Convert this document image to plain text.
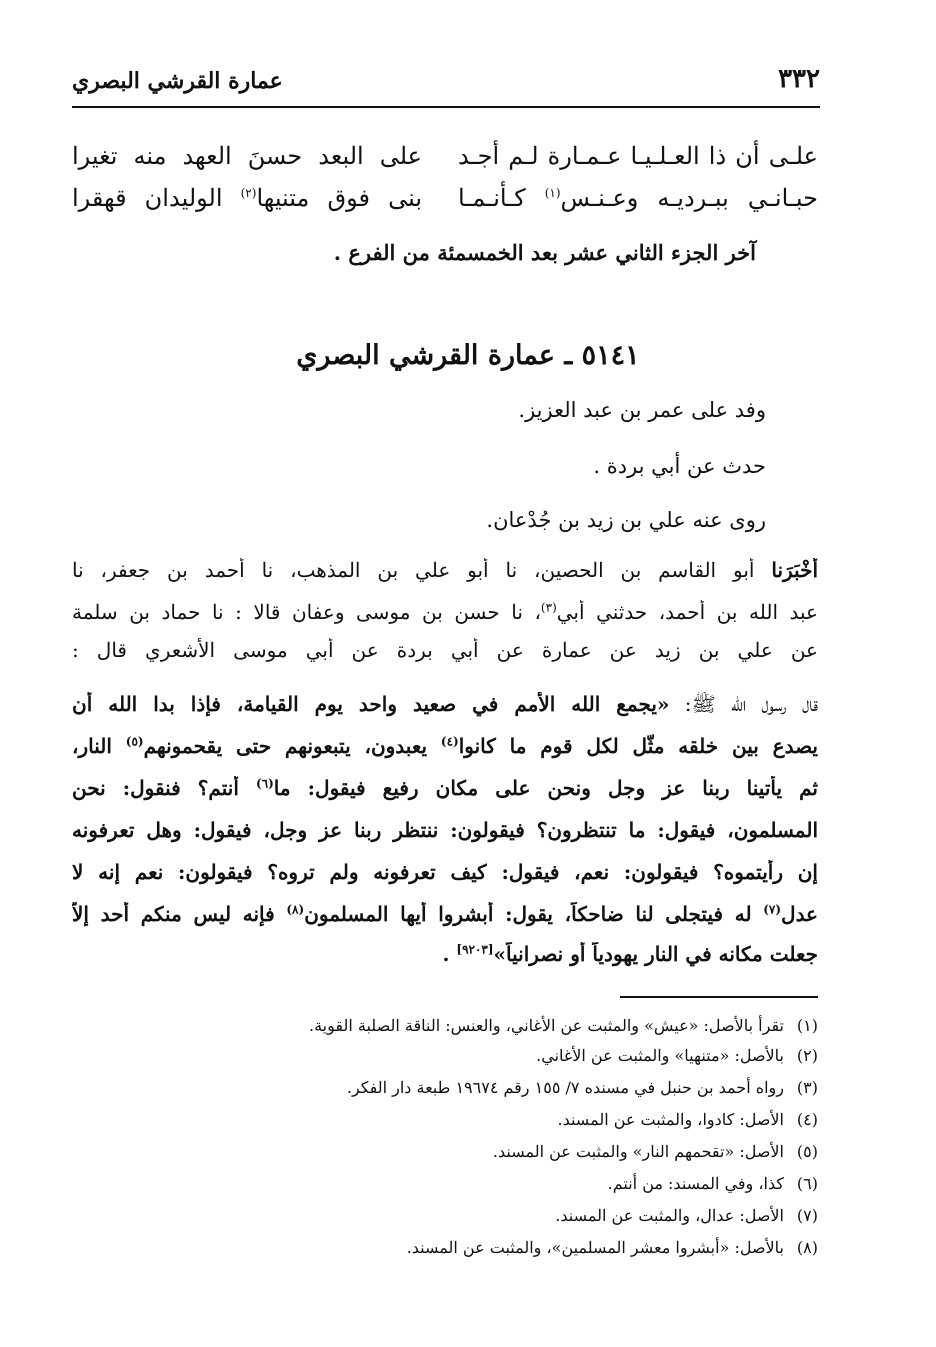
٣٣٢
عمارة القرشي البصري
علـى أن ذا العـلـيـا عـمـارة لـم أجـد
على البعد حسنَ العهد منه تغيرا
حبـانـي ببـرديـه وعـنـس$^{(١)}$ كـأنـمـا
بنى فوق متنيها$^{(٢)}$ الوليدان قهقرا
آخر الجزء الثاني عشر بعد الخمسمئة من الفرع .
٥١٤١ ـ عمارة القرشي البصري
وفد على عمر بن عبد العزيز.
حدث عن أبي بردة .
روى عنه علي بن زيد بن جُدْعان.
أَخْبَرَنا أبو القاسم بن الحصين، نا أبو علي بن المذهب، نا أحمد بن جعفر، نا
عبد الله بن أحمد، حدثني أبي$^{(٣)}$، نا حسن بن موسى وعفان قالا : نا حماد بن سلمة
عن علي بن زيد عن عمارة عن أبي بردة عن أبي موسى الأشعري قال :
قال رسول الله ﷺ: «يجمع الله الأمم في صعيد واحد يوم القيامة، فإذا بدا الله أن
يصدع بين خلقه مثّل لكل قوم ما كانوا$^{(٤)}$ يعبدون، يتبعونهم حتى يقحمونهم$^{(٥)}$ النار،
ثم يأتينا ربنا عز وجل ونحن على مكان رفيع فيقول: ما$^{(٦)}$ أنتم؟ فنقول: نحن
المسلمون، فيقول: ما تنتظرون؟ فيقولون: ننتظر ربنا عز وجل، فيقول: وهل تعرفونه
إن رأيتموه؟ فيقولون: نعم، فيقول: كيف تعرفونه ولم تروه؟ فيقولون: نعم إنه لا
عدل$^{(٧)}$ له فيتجلى لنا ضاحكاً، يقول: أبشروا أيها المسلمون$^{(٨)}$ فإنه ليس منكم أحد إلاّ
جعلت مكانه في النار يهودياً أو نصرانياً»[٩٢٠٣] .
(١)تقرأ بالأصل: «عيش» والمثبت عن الأغاني، والعنس: الناقة الصلبة القوية.
(٢)بالأصل: «متنهيا» والمثبت عن الأغاني.
(٣)رواه أحمد بن حنبل في مسنده ٧/ ١٥٥ رقم ١٩٦٧٤ طبعة دار الفكر.
(٤)الأصل: كادوا، والمثبت عن المسند.
(٥)الأصل: «تقحمهم النار» والمثبت عن المسند.
(٦)كذا، وفي المسند: من أنتم.
(٧)الأصل: عدال، والمثبت عن المسند.
(٨)بالأصل: «أبشروا معشر المسلمين»، والمثبت عن المسند.
